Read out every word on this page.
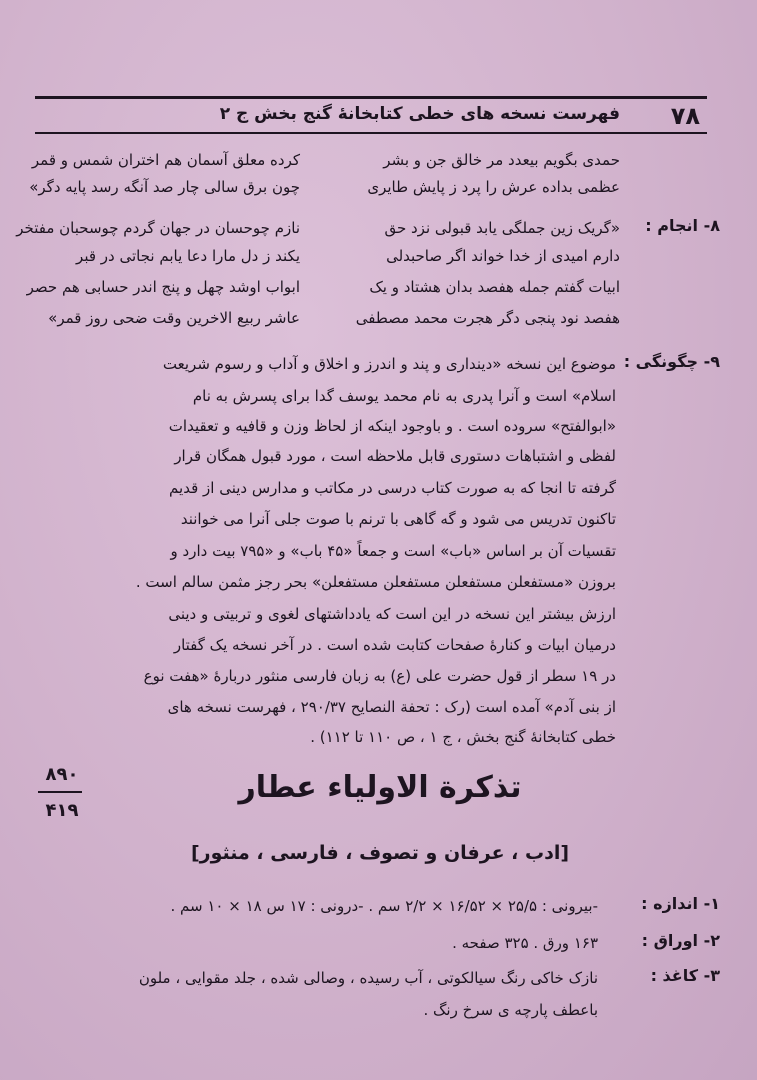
۷۸
فهرست نسخه های خطی کتابخانهٔ گنج بخش ج ۲
حمدی بگویم بیعدد مر خالق جن و بشر
کرده معلق آسمان هم اختران شمس و قمر
عظمی بداده عرش را پرد ز پایش طایری
چون برق سالی چار صد آنگه رسد پایه دگر»
۸- انجام :
«گریک زین جملگی یابد قبولی نزد حق
نازم چوحسان در جهان گردم چوسحبان مفتخر
دارم امیدی از خدا خواند اگر صاحبدلی
یکند ز دل مارا دعا یابم نجاتی در قبر
ابیات گفتم جمله هفصد بدان هشتاد و یک
ابواب اوشد چهل و پنج اندر حسابی هم حصر
هفصد نود پنجی دگر هجرت محمد مصطفی
عاشر ربیع الاخرین وقت ضحی روز قمر»
۹- چگونگی :
موضوع این نسخه «دینداری و پند و اندرز و اخلاق و آداب و رسوم شریعت
اسلام» است و آنرا پدری به نام محمد یوسف گدا برای پسرش به نام
«ابوالفتح» سروده است . و باوجود اینکه از لحاظ وزن و قافیه و تعقیدات
لفظی و اشتباهات دستوری قابل ملاحظه است ، مورد قبول همگان قرار
گرفته تا انجا که به صورت کتاب درسی در مکاتب و مدارس دینی از قدیم
تاکنون تدریس می شود و گه گاهی با ترنم با صوت جلی آنرا می خوانند
تقسیات آن بر اساس «باب» است و جمعاً «۴۵ باب» و «۷۹۵ بیت دارد و
بروزن «مستفعلن مستفعلن مستفعلن مستفعلن» بحر رجز مثمن سالم است .
ارزش بیشتر این نسخه در این است که یادداشتهای لغوی و تربیتی و دینی
درمیان ابیات و کنارهٔ صفحات کتابت شده است . در آخر نسخه یک گفتار
در ۱۹ سطر از قول حضرت علی (ع) به زبان فارسی منثور دربارهٔ «هفت نوع
از بنی آدم» آمده است (رک : تحفة النصایح ۲۹۰/۳۷ ، فهرست نسخه های
خطی کتابخانهٔ گنج بخش ، ج ۱ ، ص ۱۱۰ تا ۱۱۲) .
۸۹۰
۴۱۹
تذکرة الاولیاء عطار
[ادب ، عرفان و تصوف ، فارسی ، منثور]
۱- اندازه :
-بیرونی : ۲۵/۵ × ۱۶/۵۲ × ۲/۲ سم . -درونی : ۱۷ س ۱۸ × ۱۰ سم .
۲- اوراق :
۱۶۳ ورق . ۳۲۵ صفحه .
۳- کاغذ :
نازک خاکی رنگ سیالکوتی ، آب رسیده ، وصالی شده ، جلد مقوایی ، ملون
باعطف پارچه ی سرخ رنگ .
